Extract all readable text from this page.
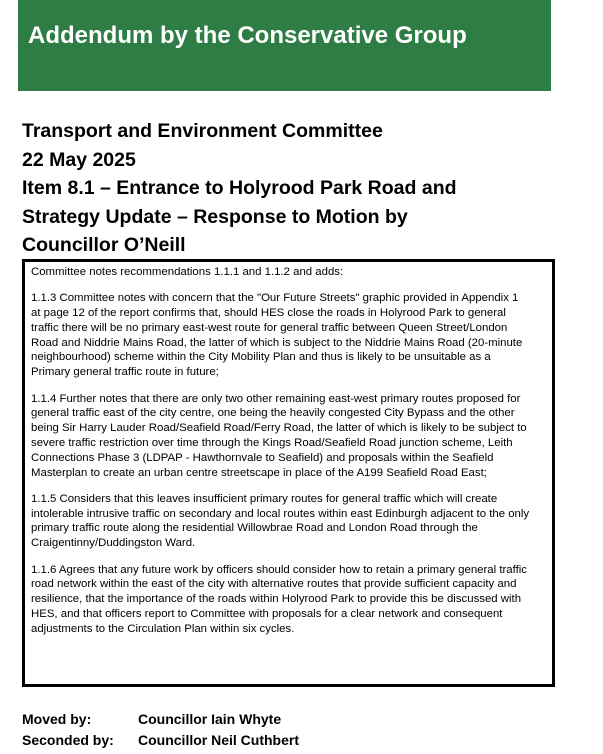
Addendum by the Conservative Group
Transport and Environment Committee
22 May 2025
Item 8.1 – Entrance to Holyrood Park Road and
Strategy Update – Response to Motion by
Councillor O’Neill

Committee notes recommendations 1.1.1 and 1.1.2 and adds:

1.1.3 Committee notes with concern that the "Our Future Streets" graphic provided in Appendix 1
at page 12 of the report confirms that, should HES close the roads in Holyrood Park to general
traffic there will be no primary east-west route for general traffic between Queen Street/London
Road and Niddrie Mains Road, the latter of which is subject to the Niddrie Mains Road (20-minute
neighbourhood) scheme within the City Mobility Plan and thus is likely to be unsuitable as a
Primary general traffic route in future;

1.1.4 Further notes that there are only two other remaining east-west primary routes proposed for
general traffic east of the city centre, one being the heavily congested City Bypass and the other
being Sir Harry Lauder Road/Seafield Road/Ferry Road, the latter of which is likely to be subject to
severe traffic restriction over time through the Kings Road/Seafield Road junction scheme, Leith
Connections Phase 3 (LDPAP - Hawthornvale to Seafield) and proposals within the Seafield
Masterplan to create an urban centre streetscape in place of the A199 Seafield Road East;

1.1.5 Considers that this leaves insufficient primary routes for general traffic which will create
intolerable intrusive traffic on secondary and local routes within east Edinburgh adjacent to the only
primary traffic route along the residential Willowbrae Road and London Road through the
Craigentinny/Duddingston Ward.

1.1.6 Agrees that any future work by officers should consider how to retain a primary general traffic
road network within the east of the city with alternative routes that provide sufficient capacity and
resilience, that the importance of the roads within Holyrood Park to provide this be discussed with
HES, and that officers report to Committee with proposals for a clear network and consequent
adjustments to the Circulation Plan within six cycles.

Moved by:	Councillor Iain Whyte
Seconded by: Councillor Neil Cuthbert
